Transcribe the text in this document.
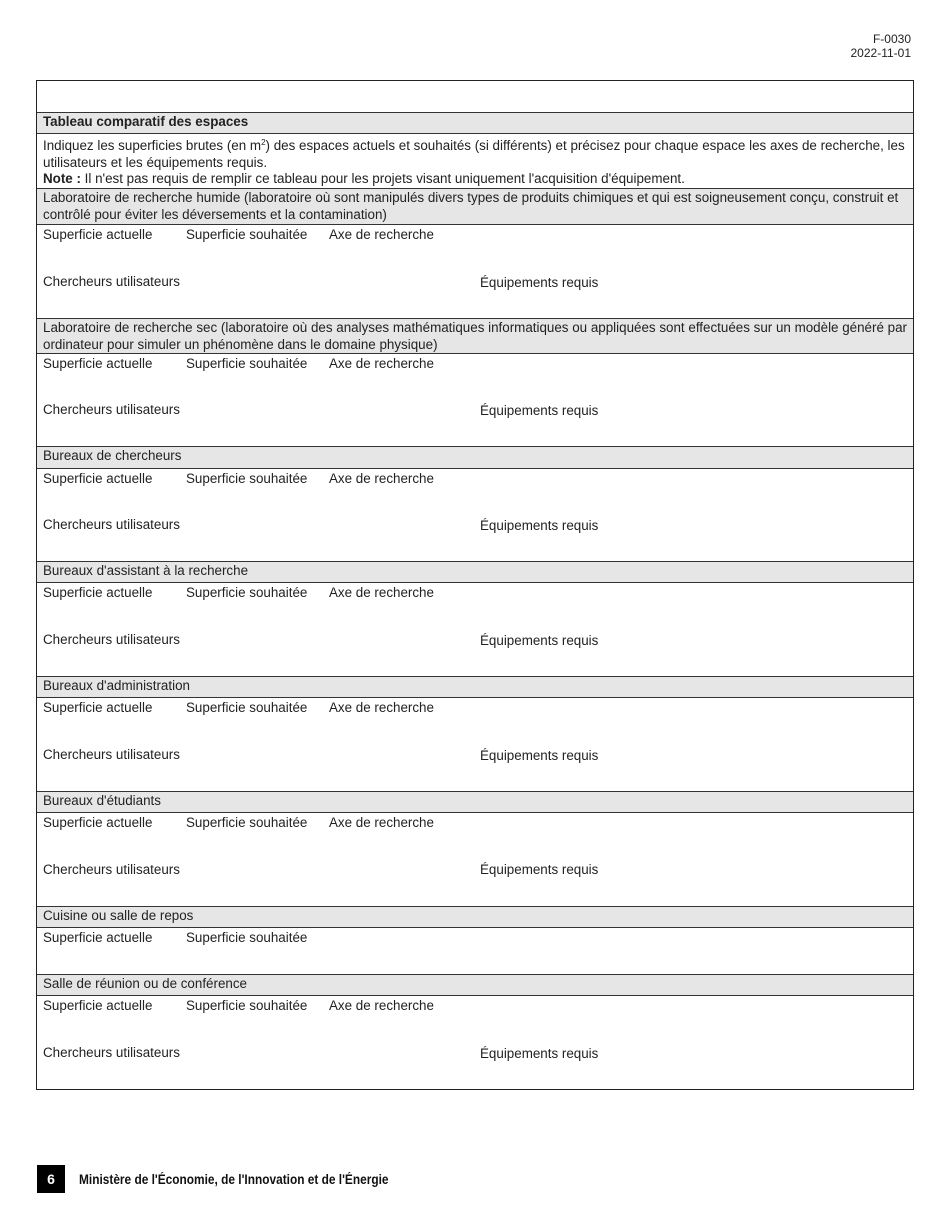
F-0030
2022-11-01
Tableau comparatif des espaces
Indiquez les superficies brutes (en $m^2$) des espaces actuels et souhaités (si différents) et précisez pour chaque espace les axes de recherche, les utilisateurs et les équipements requis.
Note : Il n'est pas requis de remplir ce tableau pour les projets visant uniquement l'acquisition d'équipement.
Laboratoire de recherche humide (laboratoire où sont manipulés divers types de produits chimiques et qui est soigneusement conçu, construit et contrôlé pour éviter les déversements et la contamination)
Superficie actuelle	Superficie souhaitée Axe de recherche
Chercheurs utilisateurs	Équipements requis
Laboratoire de recherche sec (laboratoire où des analyses mathématiques informatiques ou appliquées sont effectuées sur un modèle généré par ordinateur pour simuler un phénomène dans le domaine physique)
Superficie actuelle	Superficie souhaitée Axe de recherche
Chercheurs utilisateurs	Équipements requis
Bureaux de chercheurs
Superficie actuelle	Superficie souhaitée Axe de recherche
Chercheurs utilisateurs	Équipements requis
Bureaux d'assistant à la recherche
Superficie actuelle	Superficie souhaitée Axe de recherche
Chercheurs utilisateurs	Équipements requis
Bureaux d'administration
Superficie actuelle	Superficie souhaitée Axe de recherche
Chercheurs utilisateurs	Équipements requis
Bureaux d'étudiants
Superficie actuelle	Superficie souhaitée Axe de recherche
Chercheurs utilisateurs	Équipements requis
Cuisine ou salle de repos
Superficie actuelle	Superficie souhaitée
Salle de réunion ou de conférence
Superficie actuelle	Superficie souhaitée Axe de recherche
Chercheurs utilisateurs	Équipements requis
6	Ministère de l'Économie, de l'Innovation et de l'Énergie
